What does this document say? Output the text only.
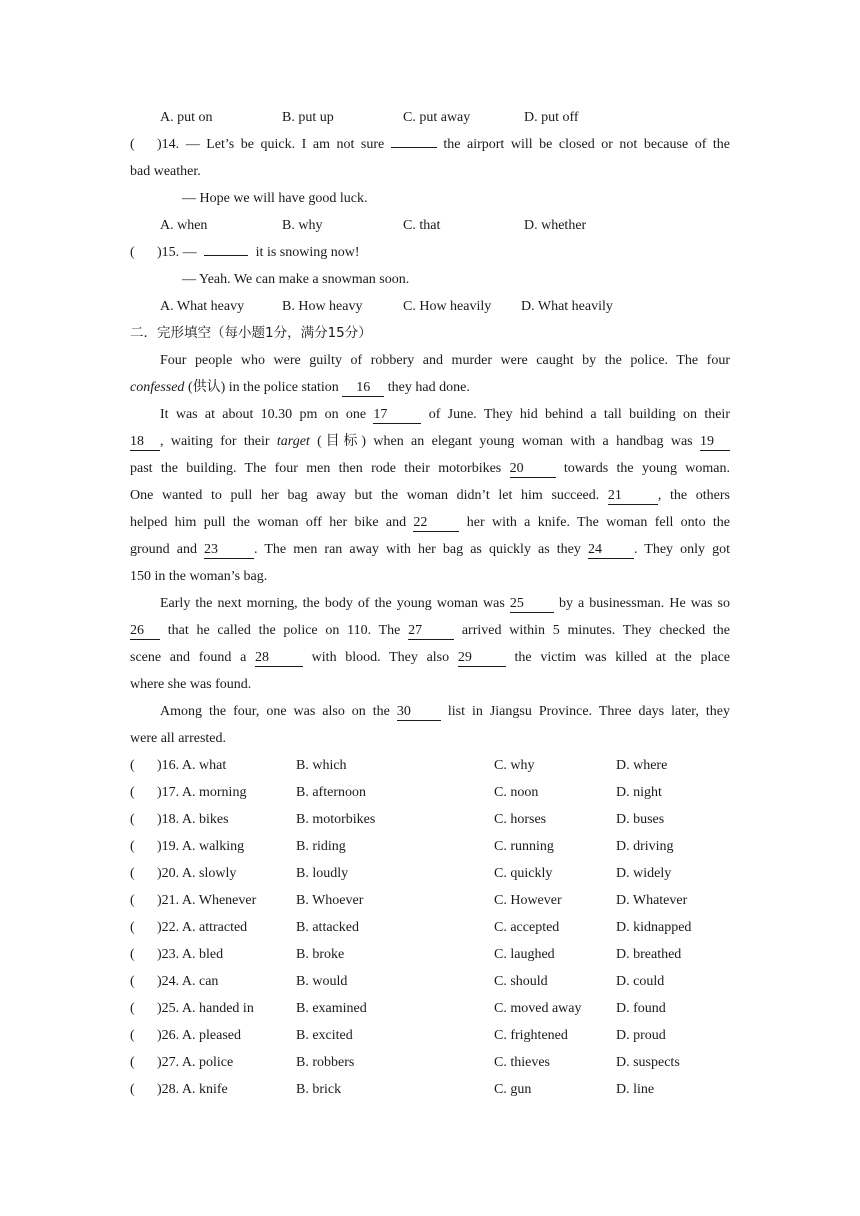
A. put on	B. put up	C. put away	D. put off
(	)14. — Let’s be quick. I am not sure	the airport will be closed or not because of the
bad weather.
— Hope we will have good luck.
A. when	B. why	C. that	D. whether
( )15. —	it is snowing now!
— Yeah. We can make a snowman soon.
A. What heavy	B. How heavy	C. How heavily D. What heavily
二．完形填空（每小题1分，满分15分）
Four people who were guilty of robbery and murder were caught by the police. The four
confessed (供认) in the police station 16 they had done.
It was at about 10.30 pm on one 17 of June. They hid behind a tall building on their
18 , waiting for their target (目标) when an elegant young woman with a handbag was 19
past the building. The four men then rode their motorbikes 20 towards the young woman.
One wanted to pull her bag away but the woman didn’t let him succeed. 21	, the others
helped him pull the woman off her bike and 22 her with a knife. The woman fell onto the
ground and 23	. The men ran away with her bag as quickly as they 24 . They only got
150 in the woman’s bag.
Early the next morning, the body of the young woman was 25 by a businessman. He was so
26 that he called the police on 110. The 27 arrived within 5 minutes. They checked the
scene and found a 28 with blood. They also 29 the victim was killed at the place
where she was found.
Among the four, one was also on the 30 list in Jiangsu Province. Three days later, they
were all arrested.
( )16. A. what	B. which	C. why	D. where
( )17. A. morning	B. afternoon	C. noon	D. night
( )18. A. bikes	B. motorbikes	C. horses	D. buses
( )19. A. walking	B. riding	C. running	D. driving
( )20. A. slowly	B. loudly	C. quickly	D. widely
( )21. A. Whenever	B. Whoever	C. However	D. Whatever
( )22. A. attracted	B. attacked	C. accepted	D. kidnapped
( )23. A. bled	B. broke	C. laughed	D. breathed
( )24. A. can	B. would	C. should	D. could
( )25. A. handed in	B. examined	C. moved away D. found
( )26. A. pleased	B. excited	C. frightened	D. proud
( )27. A. police	B. robbers	C. thieves	D. suspects
( )28. A. knife	B. brick	C. gun	D. line
